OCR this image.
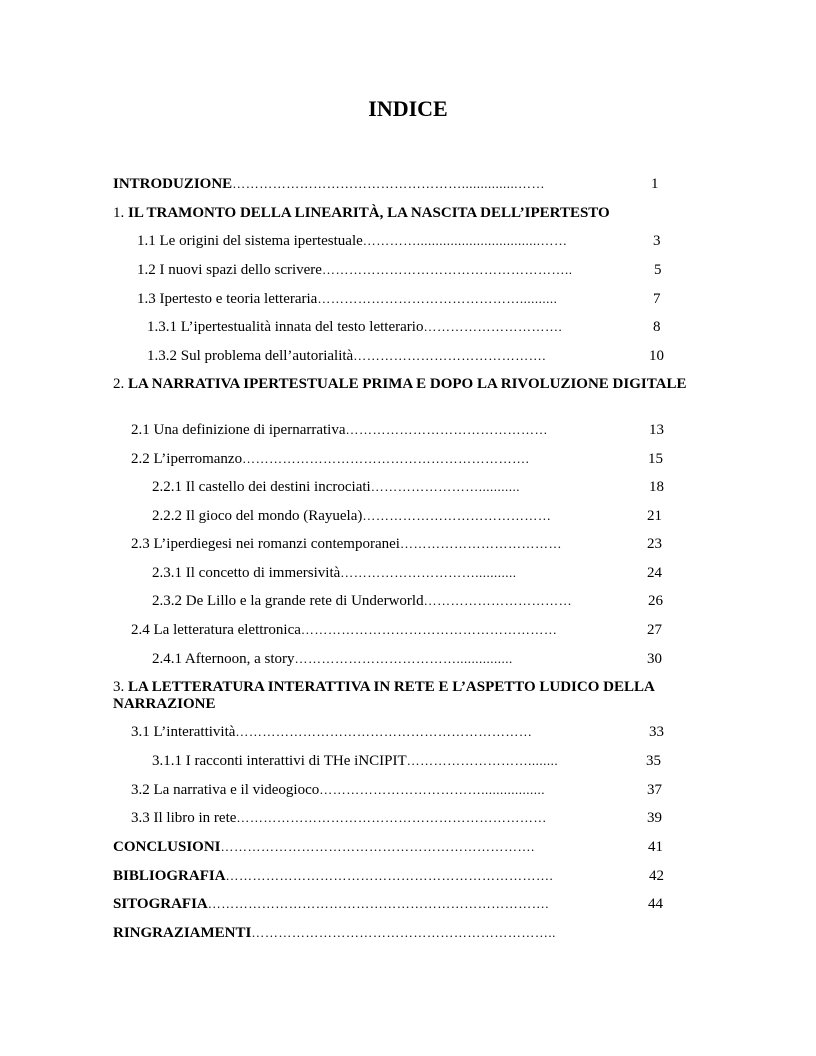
INDICE
INTRODUZIONE……………………………………………...............……	1
1. IL TRAMONTO DELLA LINEARITÀ, LA NASCITA DELL’IPERTESTO
1.1 Le origini del sistema ipertestuale………….................................……	3
1.2 I nuovi spazi dello scrivere………………………………………………..	5
1.3 Ipertesto e teoria letteraria………………………………………..........	7
1.3.1 L’ipertestualità innata del testo letterario………………………….	8
1.3.2 Sul problema dell’autorialità…………………………………….	10
2. LA NARRATIVA IPERTESTUALE PRIMA E DOPO LA RIVOLUZIONE DIGITALE
2.1 Una definizione di ipernarrativa………………………………………	13
2.2 L’iperromanzo……………………………………………………….	15
2.2.1 Il castello dei destini incrociati……………………...........	18
2.2.2 Il gioco del mondo (Rayuela)……………………………………	21
2.3 L’iperdiegesi nei romanzi contemporanei………………………………	23
2.3.1 Il concetto di immersività…………………………...........	24
2.3.2 De Lillo e la grande rete di Underworld……………………………	26
2.4 La letteratura elettronica…………………………………………………	27
2.4.1 Afternoon, a story………………………………...............	30
3. LA LETTERATURA INTERATTIVA IN RETE E L’ASPETTO LUDICO DELLA NARRAZIONE
3.1 L’interattività…………………………………………………………	33
3.1.1 I racconti interattivi di THe iNCIPIT………………………........	35
3.2 La narrativa e il videogioco……………………………….................	37
3.3 Il libro in rete……………………………………………………………	39
CONCLUSIONI…………………………………………………………….	41
BIBLIOGRAFIA……………………………………………………………….	42
SITOGRAFIA………………………………………………………………….	44
RINGRAZIAMENTI…………………………………………………………..
